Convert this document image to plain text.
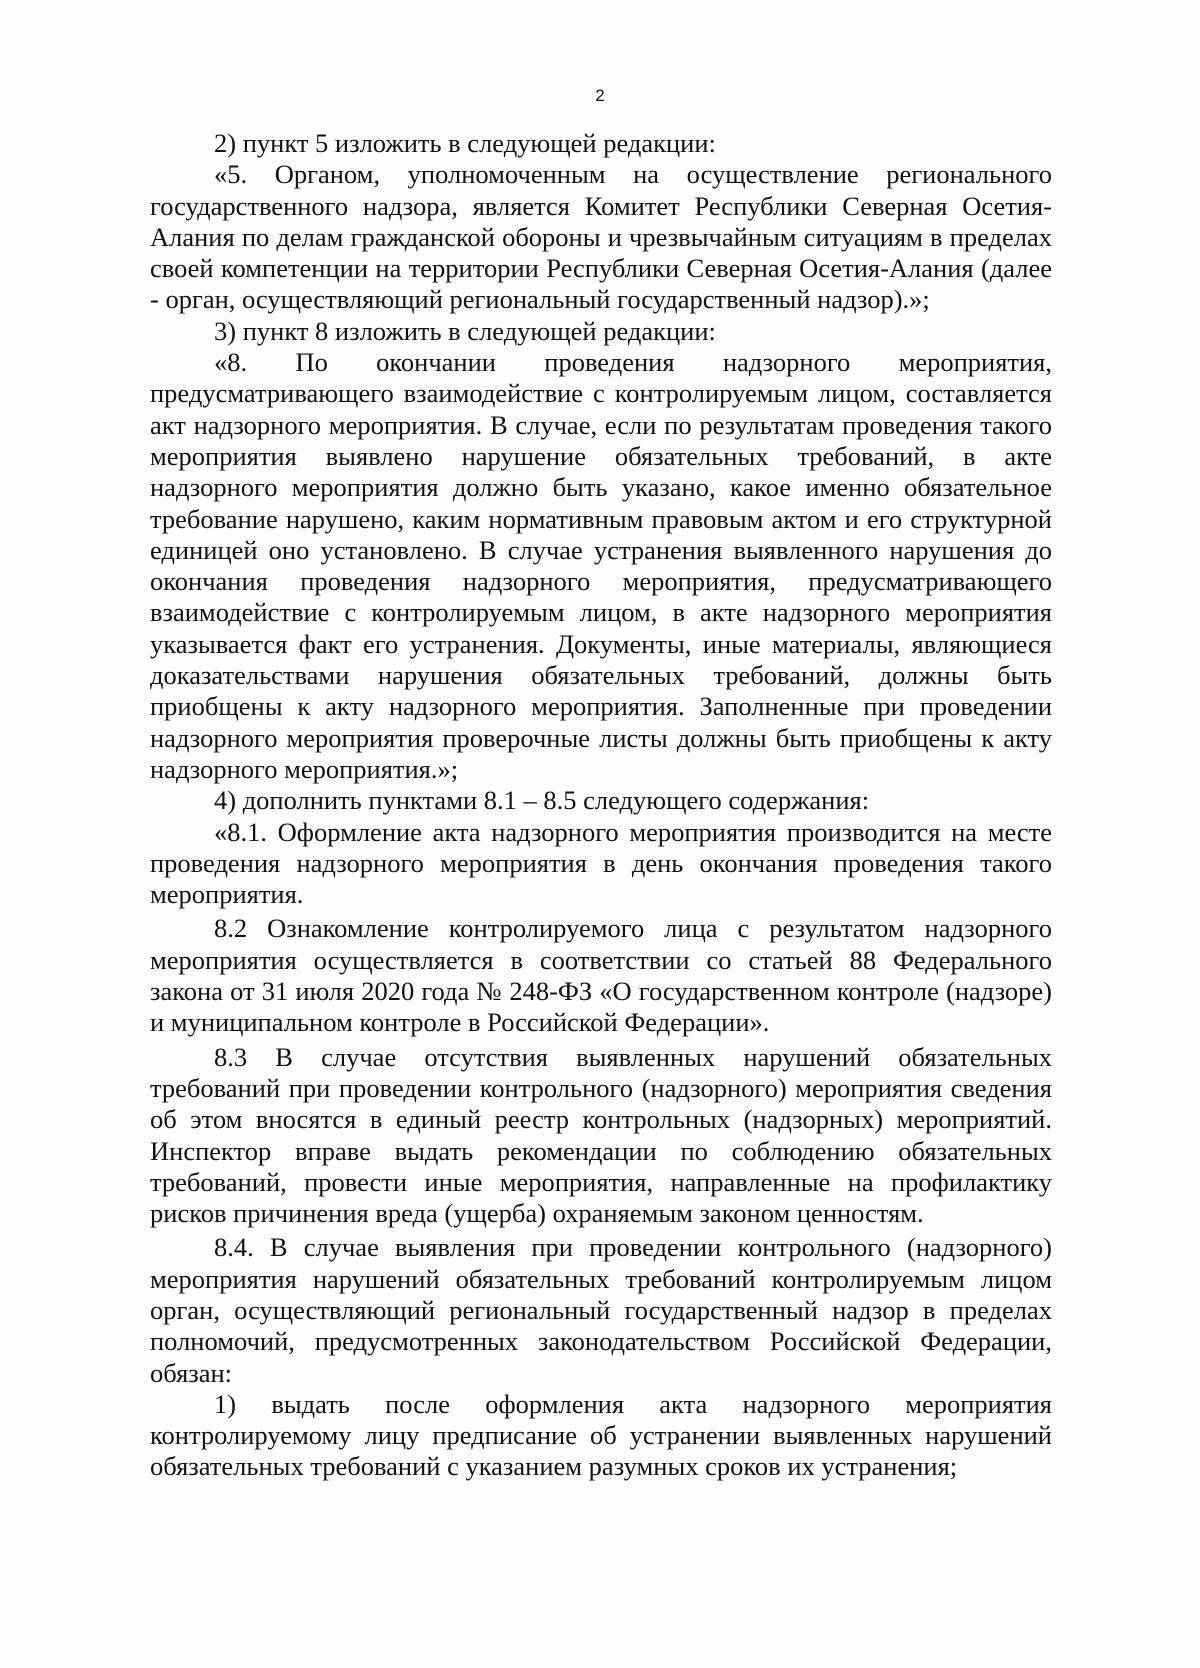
2

2) пункт 5 изложить в следующей редакции:

«5. Органом, уполномоченным на осуществление регионального государственного надзора, является Комитет Республики Северная Осетия-Алания по делам гражданской обороны и чрезвычайным ситуациям в пределах своей компетенции на территории Республики Северная Осетия-Алания (далее - орган, осуществляющий региональный государственный надзор).»;

3) пункт 8 изложить в следующей редакции:

«8. По окончании проведения надзорного мероприятия, предусматривающего взаимодействие с контролируемым лицом, составляется акт надзорного мероприятия. В случае, если по результатам проведения такого мероприятия выявлено нарушение обязательных требований, в акте надзорного мероприятия должно быть указано, какое именно обязательное требование нарушено, каким нормативным правовым актом и его структурной единицей оно установлено. В случае устранения выявленного нарушения до окончания проведения надзорного мероприятия, предусматривающего взаимодействие с контролируемым лицом, в акте надзорного мероприятия указывается факт его устранения. Документы, иные материалы, являющиеся доказательствами нарушения обязательных требований, должны быть приобщены к акту надзорного мероприятия. Заполненные при проведении надзорного мероприятия проверочные листы должны быть приобщены к акту надзорного мероприятия.»;

4) дополнить пунктами 8.1 – 8.5 следующего содержания:

«8.1. Оформление акта надзорного мероприятия производится на месте проведения надзорного мероприятия в день окончания проведения такого мероприятия.

8.2 Ознакомление контролируемого лица с результатом надзорного мероприятия осуществляется в соответствии со статьей 88 Федерального закона от 31 июля 2020 года № 248-ФЗ «О государственном контроле (надзоре) и муниципальном контроле в Российской Федерации».

8.3 В случае отсутствия выявленных нарушений обязательных требований при проведении контрольного (надзорного) мероприятия сведения об этом вносятся в единый реестр контрольных (надзорных) мероприятий. Инспектор вправе выдать рекомендации по соблюдению обязательных требований, провести иные мероприятия, направленные на профилактику рисков причинения вреда (ущерба) охраняемым законом ценностям.

8.4. В случае выявления при проведении контрольного (надзорного) мероприятия нарушений обязательных требований контролируемым лицом орган, осуществляющий региональный государственный надзор в пределах полномочий, предусмотренных законодательством Российской Федерации, обязан:

1) выдать после оформления акта надзорного мероприятия контролируемому лицу предписание об устранении выявленных нарушений обязательных требований с указанием разумных сроков их устранения;
